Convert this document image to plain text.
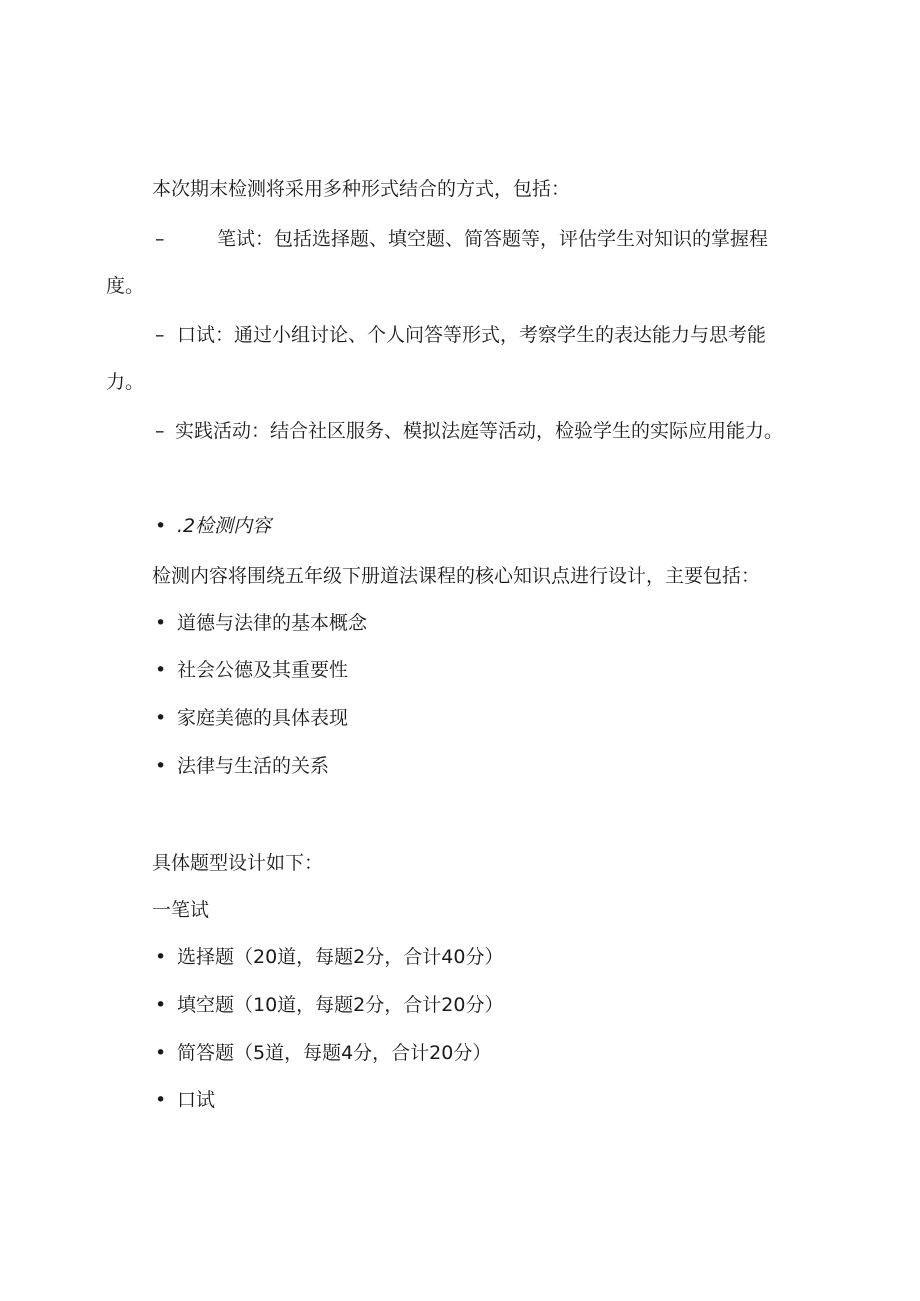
本次期末检测将采用多种形式结合的方式，包括：
–	笔试：包括选择题、填空题、简答题等，评估学生对知识的掌握程
度。
– 口试：通过小组讨论、个人问答等形式，考察学生的表达能力与思考能
力。
– 实践活动：结合社区服务、模拟法庭等活动，检验学生的实际应用能力。
• .2检测内容
检测内容将围绕五年级下册道法课程的核心知识点进行设计，主要包括：
• 道德与法律的基本概念
• 社会公德及其重要性
• 家庭美德的具体表现
• 法律与生活的关系
具体题型设计如下：
一笔试
• 选择题（20道，每题2分，合计40分）
• 填空题（10道，每题2分，合计20分）
• 简答题（5道，每题4分，合计20分）
• 口试
